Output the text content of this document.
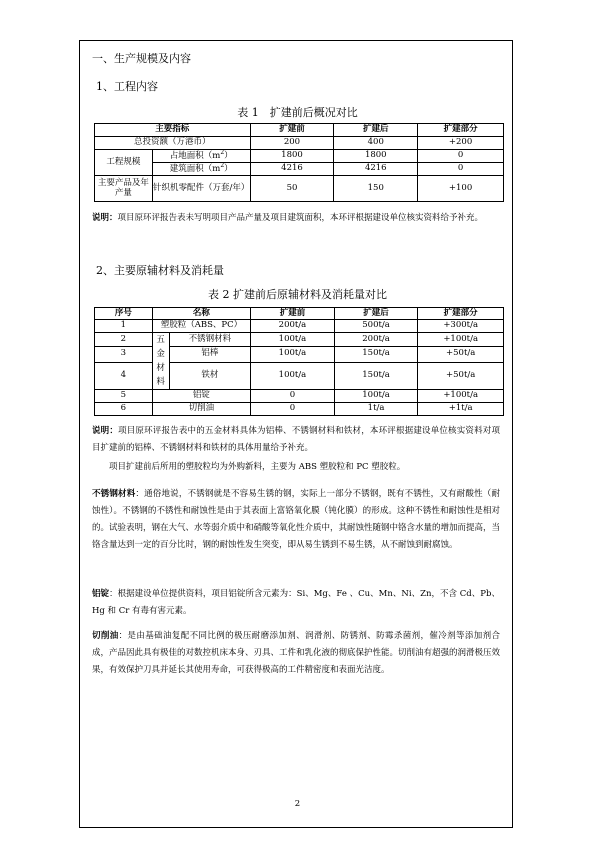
一、生产规模及内容

1、工程内容

表 1　扩建前后概况对比

主要指标		扩建前	扩建后	扩建部分
总投资额（万港币）		200	400	+200
工程规模	占地面积$(m^2)$	1800	1800	0
	建筑面积$(m^2)$	4216	4216	0
主要产品及年产量	针织机零配件（万套/年）	50	150	+100

说明：项目原环评报告表未写明项目产品产量及项目建筑面积，本环评根据建设单位核实资料给予补充。

2、主要原辅材料及消耗量

表 2 扩建前后原辅材料及消耗量对比

序号	名称		扩建前	扩建后	扩建部分
1	塑胶粒（ABS、PC）		200t/a	500t/a	+300t/a
2	五金材料	不锈钢材料	100t/a	200t/a	+100t/a
3		铝棒	100t/a	150t/a	+50t/a
4		铁材	100t/a	150t/a	+50t/a
5	铝锭		0	100t/a	+100t/a
6	切削油		0	1t/a	+1t/a

说明：项目原环评报告表中的五金材料具体为铝棒、不锈钢材料和铁材，本环评根据建设单位核实资料对项目扩建前的铝棒、不锈钢材料和铁材的具体用量给予补充。

项目扩建前后所用的塑胶粒均为外购新料，主要为 ABS 塑胶粒和 PC 塑胶粒。

不锈钢材料：通俗地说，不锈钢就是不容易生锈的钢，实际上一部分不锈钢，既有不锈性，又有耐酸性（耐蚀性）。不锈钢的不锈性和耐蚀性是由于其表面上富铬氧化膜（钝化膜）的形成。这种不锈性和耐蚀性是相对的。试验表明，钢在大气、水等弱介质中和硝酸等氧化性介质中，其耐蚀性随钢中铬含水量的增加而提高，当铬含量达到一定的百分比时，钢的耐蚀性发生突变，即从易生锈到不易生锈，从不耐蚀到耐腐蚀。

铝锭：根据建设单位提供资料，项目铝锭所含元素为：Si、Mg、Fe 、Cu、Mn、Ni、Zn，不含 Cd、Pb、Hg 和 Cr 有毒有害元素。

切削油：是由基础油复配不同比例的极压耐磨添加剂、润滑剂、防锈剂、防霉杀菌剂，催冷剂等添加剂合成，产品因此具有极佳的对数控机床本身、刃具、工件和乳化液的彻底保护性能。切削油有超强的润滑极压效果，有效保护刀具并延长其使用寿命，可获得极高的工件精密度和表面光洁度。

2
